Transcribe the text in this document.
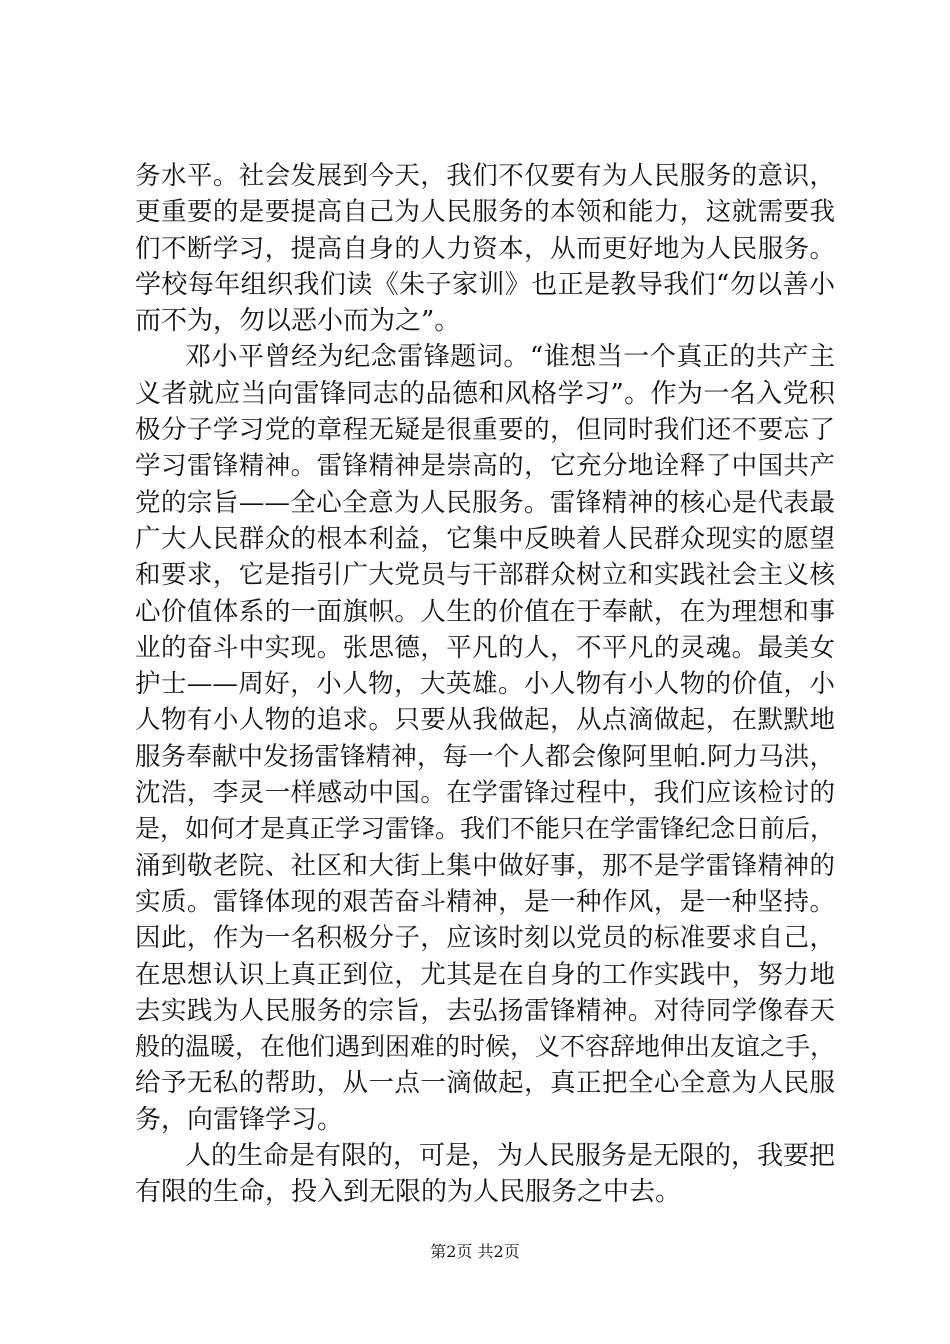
务水平。社会发展到今天，我们不仅要有为人民服务的意识，
更重要的是要提高自己为人民服务的本领和能力，这就需要我
们不断学习，提高自身的人力资本，从而更好地为人民服务。
学校每年组织我们读《朱子家训》也正是教导我们“勿以善小
而不为，勿以恶小而为之”。
邓小平曾经为纪念雷锋题词。“谁想当一个真正的共产主
义者就应当向雷锋同志的品德和风格学习”。作为一名入党积
极分子学习党的章程无疑是很重要的，但同时我们还不要忘了
学习雷锋精神。雷锋精神是崇高的，它充分地诠释了中国共产
党的宗旨——全心全意为人民服务。雷锋精神的核心是代表最
广大人民群众的根本利益，它集中反映着人民群众现实的愿望
和要求，它是指引广大党员与干部群众树立和实践社会主义核
心价值体系的一面旗帜。人生的价值在于奉献，在为理想和事
业的奋斗中实现。张思德，平凡的人，不平凡的灵魂。最美女
护士——周好，小人物，大英雄。小人物有小人物的价值，小
人物有小人物的追求。只要从我做起，从点滴做起，在默默地
服务奉献中发扬雷锋精神，每一个人都会像阿里帕.阿力马洪，
沈浩，李灵一样感动中国。在学雷锋过程中，我们应该检讨的
是，如何才是真正学习雷锋。我们不能只在学雷锋纪念日前后，
涌到敬老院、社区和大街上集中做好事，那不是学雷锋精神的
实质。雷锋体现的艰苦奋斗精神，是一种作风，是一种坚持。
因此，作为一名积极分子，应该时刻以党员的标准要求自己，
在思想认识上真正到位，尤其是在自身的工作实践中，努力地
去实践为人民服务的宗旨，去弘扬雷锋精神。对待同学像春天
般的温暖，在他们遇到困难的时候，义不容辞地伸出友谊之手，
给予无私的帮助，从一点一滴做起，真正把全心全意为人民服
务，向雷锋学习。
人的生命是有限的，可是，为人民服务是无限的，我要把
有限的生命，投入到无限的为人民服务之中去。
第2页 共2页
